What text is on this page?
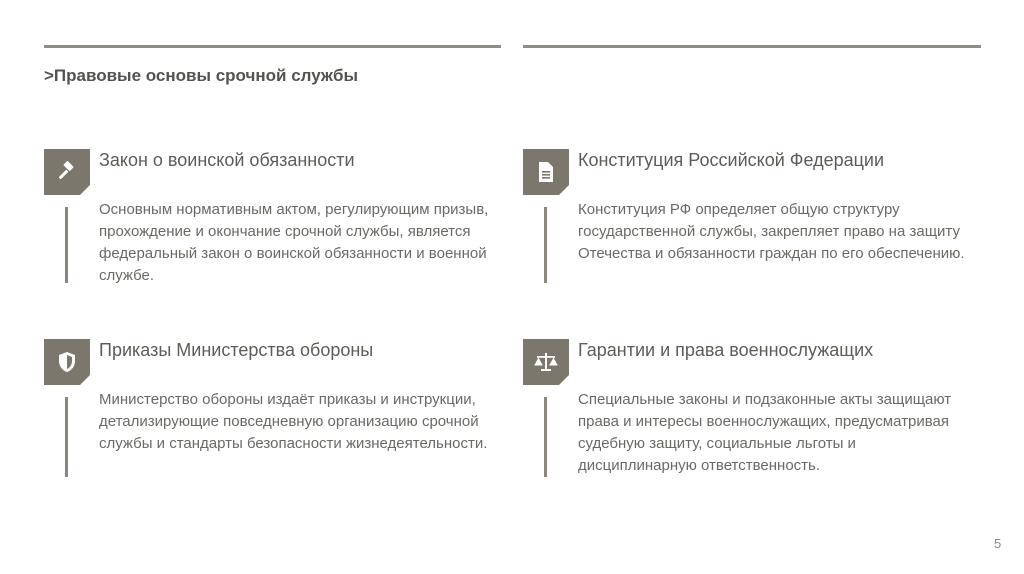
>Правовые основы срочной службы
Закон о воинской обязанности
Основным нормативным актом, регулирующим призыв, прохождение и окончание срочной службы, является федеральный закон о воинской обязанности и военной службе.
Конституция Российской Федерации
Конституция РФ определяет общую структуру государственной службы, закрепляет право на защиту Отечества и обязанности граждан по его обеспечению.
Приказы Министерства обороны
Министерство обороны издаёт приказы и инструкции, детализирующие повседневную организацию срочной службы и стандарты безопасности жизнедеятельности.
Гарантии и права военнослужащих
Специальные законы и подзаконные акты защищают права и интересы военнослужащих, предусматривая судебную защиту, социальные льготы и дисциплинарную ответственность.
5
